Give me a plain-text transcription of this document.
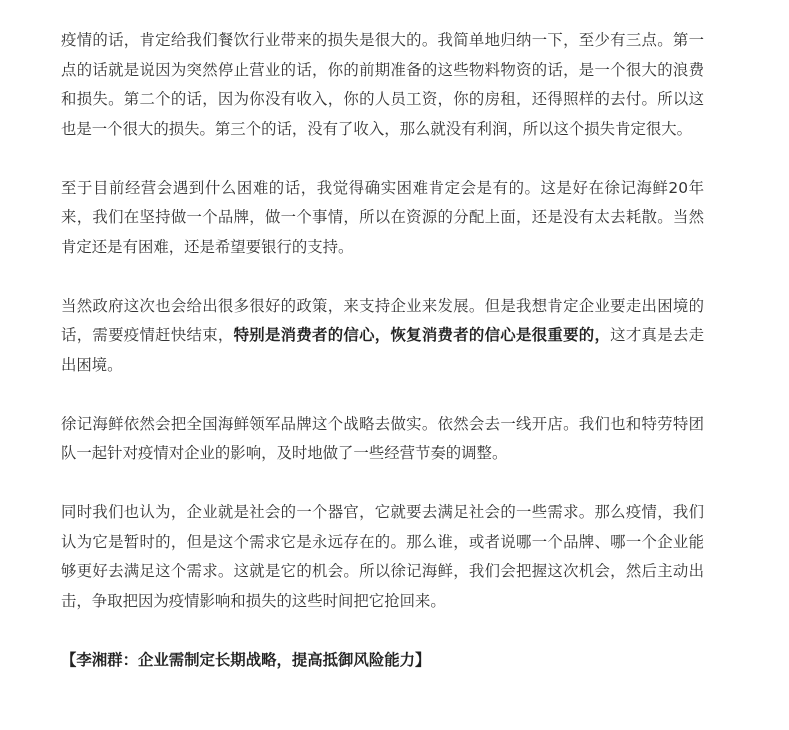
疫情的话，肯定给我们餐饮行业带来的损失是很大的。我简单地归纳一下，至少有三点。第一点的话就是说因为突然停止营业的话，你的前期准备的这些物料物资的话，是一个很大的浪费和损失。第二个的话，因为你没有收入，你的人员工资，你的房租，还得照样的去付。所以这也是一个很大的损失。第三个的话，没有了收入，那么就没有利润，所以这个损失肯定很大。

至于目前经营会遇到什么困难的话，我觉得确实困难肯定会是有的。这是好在徐记海鲜20年来，我们在坚持做一个品牌，做一个事情，所以在资源的分配上面，还是没有太去耗散。当然肯定还是有困难，还是希望要银行的支持。

当然政府这次也会给出很多很好的政策，来支持企业来发展。但是我想肯定企业要走出困境的话，需要疫情赶快结束，特别是消费者的信心，恢复消费者的信心是很重要的，这才真是去走出困境。

徐记海鲜依然会把全国海鲜领军品牌这个战略去做实。依然会去一线开店。我们也和特劳特团队一起针对疫情对企业的影响，及时地做了一些经营节奏的调整。

同时我们也认为，企业就是社会的一个器官，它就要去满足社会的一些需求。那么疫情，我们认为它是暂时的，但是这个需求它是永远存在的。那么谁，或者说哪一个品牌、哪一个企业能够更好去满足这个需求。这就是它的机会。所以徐记海鲜，我们会把握这次机会，然后主动出击，争取把因为疫情影响和损失的这些时间把它抢回来。

【李湘群：企业需制定长期战略，提高抵御风险能力】
